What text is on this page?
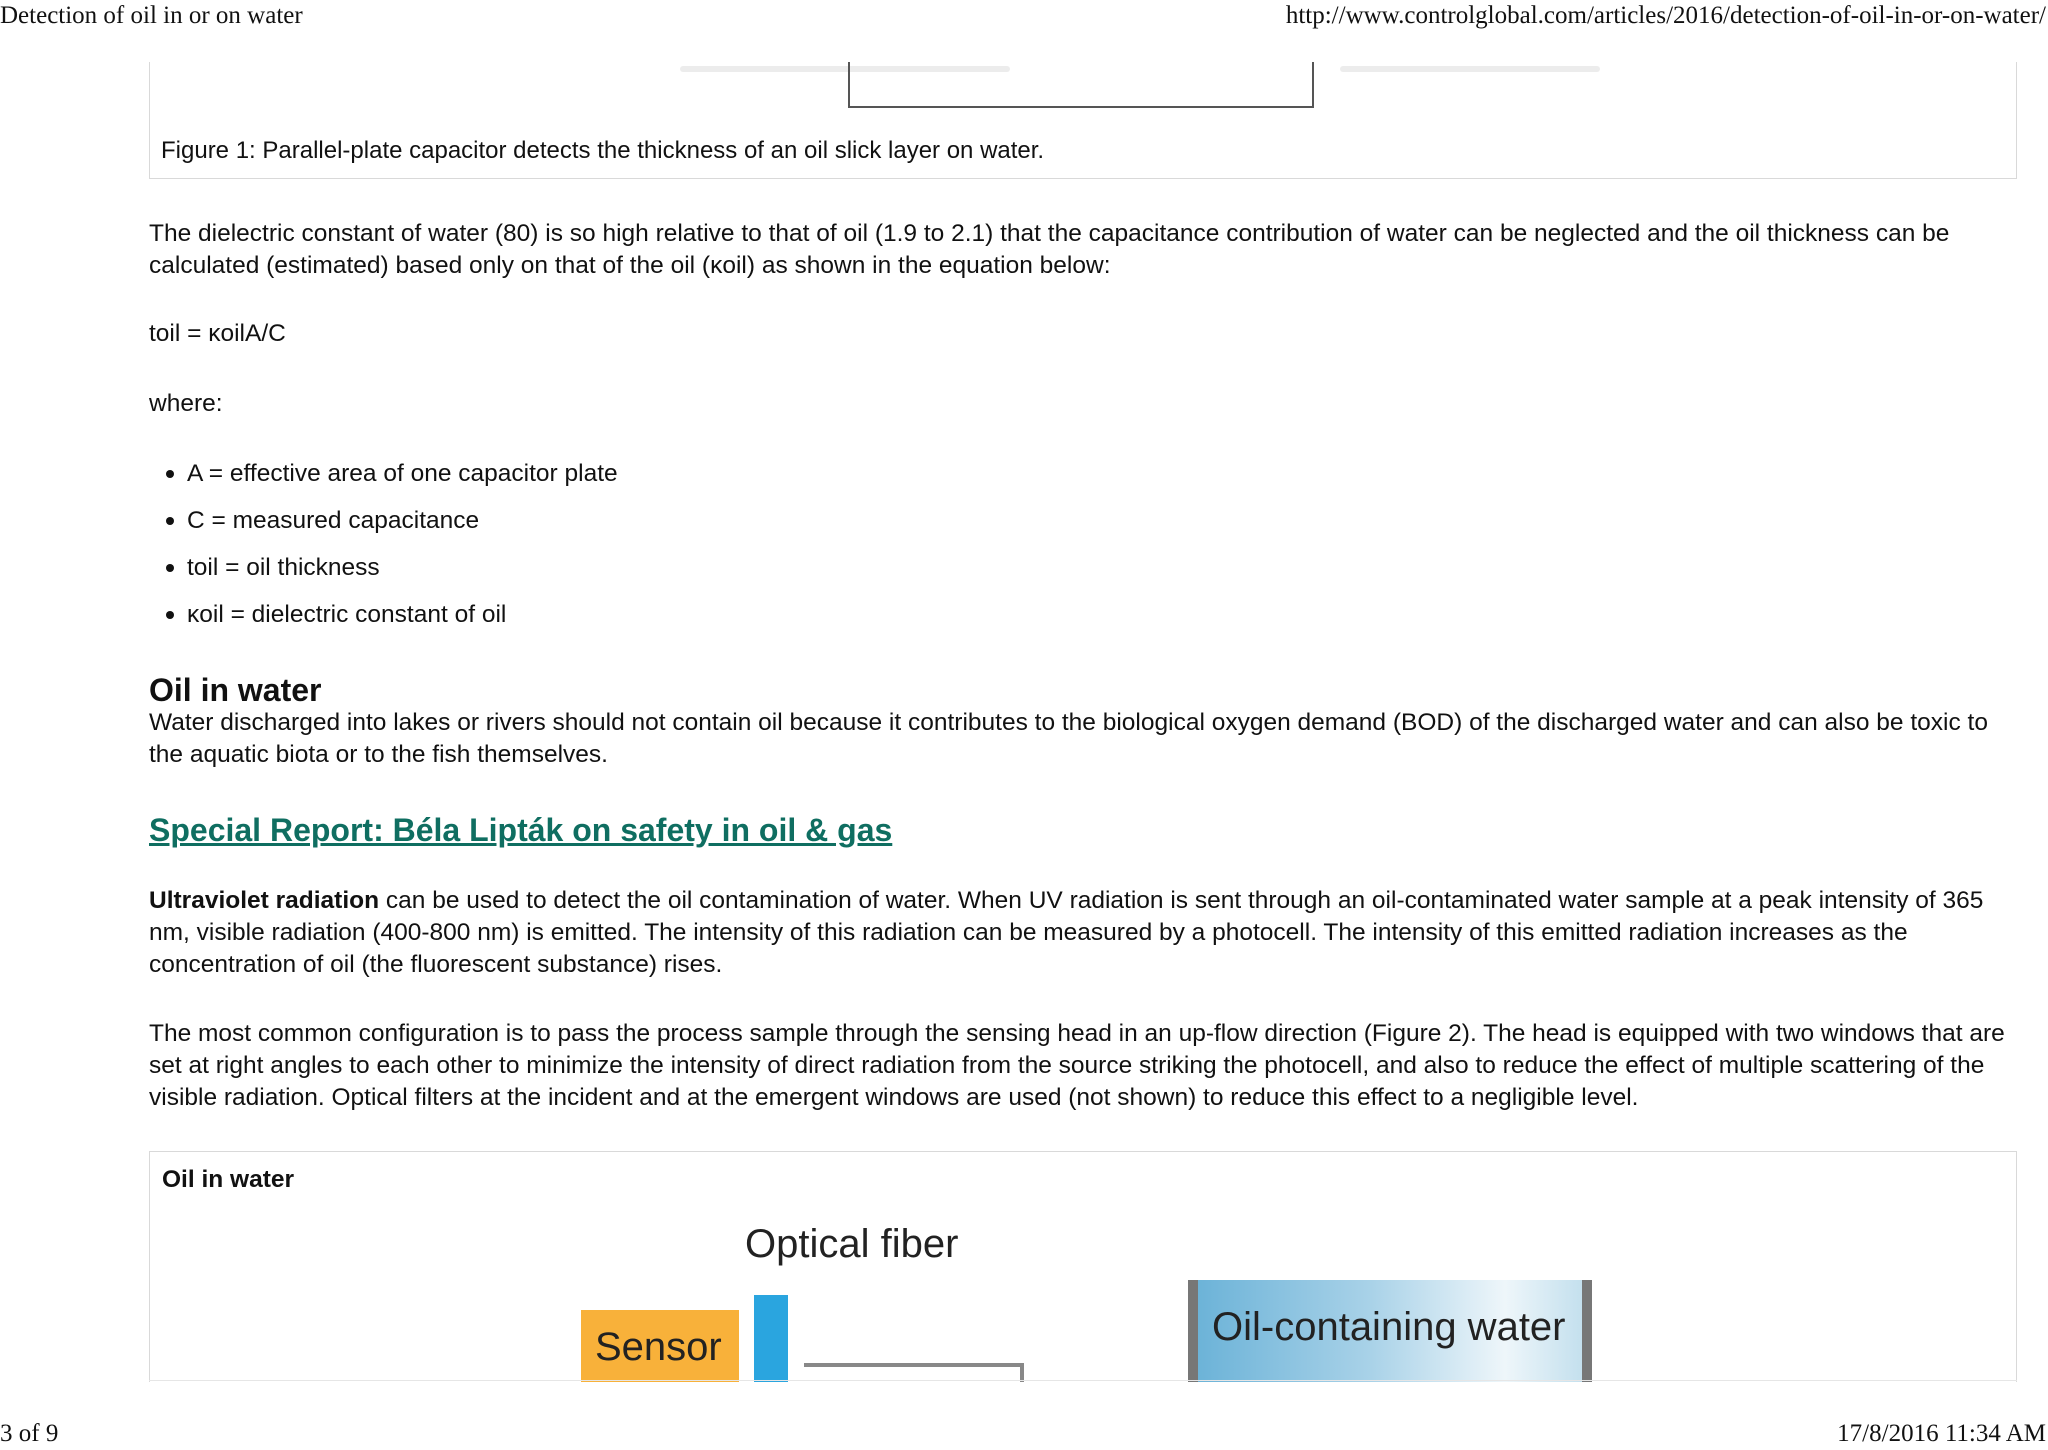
Detection of oil in or on water	http://www.controlglobal.com/articles/2016/detection-of-oil-in-or-on-water/
Figure 1: Parallel-plate capacitor detects the thickness of an oil slick layer on water.

The dielectric constant of water (80) is so high relative to that of oil (1.9 to 2.1) that the capacitance contribution of water can be neglected and the oil thickness can be calculated (estimated) based only on that of the oil (κoil) as shown in the equation below:

toil = κoilA/C

where:

A = effective area of one capacitor plate
C = measured capacitance
toil = oil thickness
κoil = dielectric constant of oil
Oil in water

Water discharged into lakes or rivers should not contain oil because it contributes to the biological oxygen demand (BOD) of the discharged water and can also be toxic to the aquatic biota or to the fish themselves.

Special Report: Béla Lipták on safety in oil & gas

Ultraviolet radiation can be used to detect the oil contamination of water. When UV radiation is sent through an oil-contaminated water sample at a peak intensity of 365 nm, visible radiation (400-800 nm) is emitted. The intensity of this radiation can be measured by a photocell. The intensity of this emitted radiation increases as the concentration of oil (the fluorescent substance) rises.

The most common configuration is to pass the process sample through the sensing head in an up-flow direction (Figure 2). The head is equipped with two windows that are set at right angles to each other to minimize the intensity of direct radiation from the source striking the photocell, and also to reduce the effect of multiple scattering of the visible radiation. Optical filters at the incident and at the emergent windows are used (not shown) to reduce this effect to a negligible level.

Oil in water
Optical fiber
Sensor	Oil-containing water
3 of 9	17/8/2016 11:34 AM
